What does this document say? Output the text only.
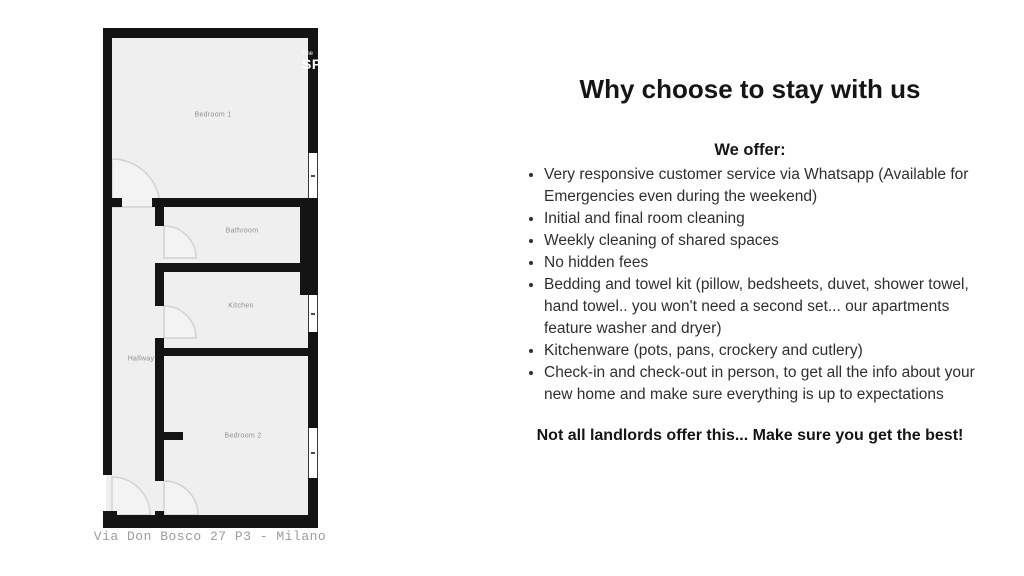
Che
SP
Bedroom 1
Bathroom
Kitchen
Hallway
Bedroom 2
Via Don Bosco 27 P3 - Milano
Why choose to stay with us
We offer:
• Very responsive customer service via Whatsapp (Available for Emergencies even during the weekend)
• Initial and final room cleaning
• Weekly cleaning of shared spaces
• No hidden fees
• Bedding and towel kit (pillow, bedsheets, duvet, shower towel, hand towel.. you won't need a second set... our apartments feature washer and dryer)
• Kitchenware (pots, pans, crockery and cutlery)
• Check-in and check-out in person, to get all the info about your new home and make sure everything is up to expectations

Not all landlords offer this... Make sure you get the best!
